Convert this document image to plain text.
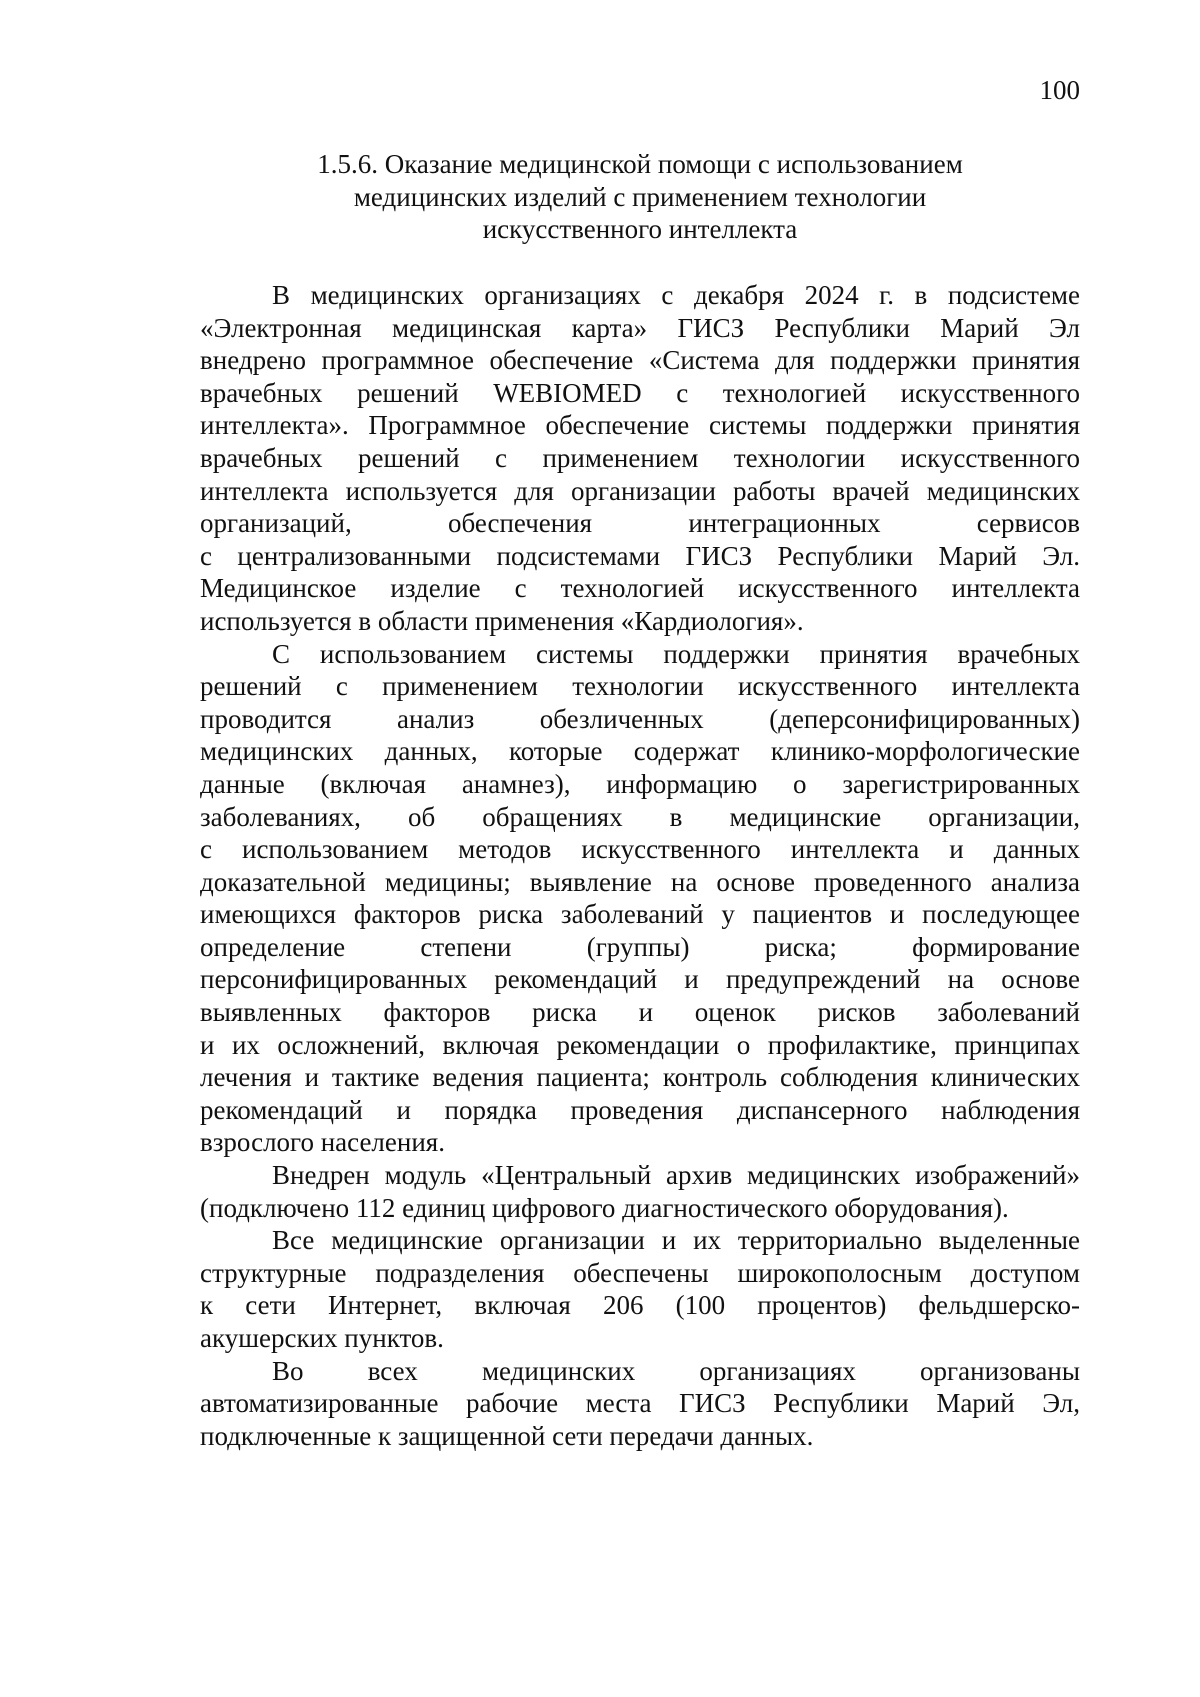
100
1.5.6. Оказание медицинской помощи с использованием
медицинских изделий с применением технологии
искусственного интеллекта

В медицинских организациях с декабря 2024 г. в подсистеме
«Электронная медицинская карта» ГИСЗ Республики Марий Эл
внедрено программное обеспечение «Система для поддержки принятия
врачебных решений WEBIOMED с технологией искусственного
интеллекта». Программное обеспечение системы поддержки принятия
врачебных решений с применением технологии искусственного
интеллекта используется для организации работы врачей медицинских
организаций, обеспечения интеграционных сервисов
с централизованными подсистемами ГИСЗ Республики Марий Эл.
Медицинское изделие с технологией искусственного интеллекта
используется в области применения «Кардиология».

С использованием системы поддержки принятия врачебных
решений с применением технологии искусственного интеллекта
проводится анализ обезличенных (деперсонифицированных)
медицинских данных, которые содержат клинико-морфологические
данные (включая анамнез), информацию о зарегистрированных
заболеваниях, об обращениях в медицинские организации,
с использованием методов искусственного интеллекта и данных
доказательной медицины; выявление на основе проведенного анализа
имеющихся факторов риска заболеваний у пациентов и последующее
определение степени (группы) риска; формирование
персонифицированных рекомендаций и предупреждений на основе
выявленных факторов риска и оценок рисков заболеваний
и их осложнений, включая рекомендации о профилактике, принципах
лечения и тактике ведения пациента; контроль соблюдения клинических
рекомендаций и порядка проведения диспансерного наблюдения
взрослого населения.

Внедрен модуль «Центральный архив медицинских изображений»
(подключено 112 единиц цифрового диагностического оборудования).

Все медицинские организации и их территориально выделенные
структурные подразделения обеспечены широкополосным доступом
к сети Интернет, включая 206 (100 процентов) фельдшерско-
акушерских пунктов.

Во всех медицинских организациях организованы
автоматизированные рабочие места ГИСЗ Республики Марий Эл,
подключенные к защищенной сети передачи данных.
